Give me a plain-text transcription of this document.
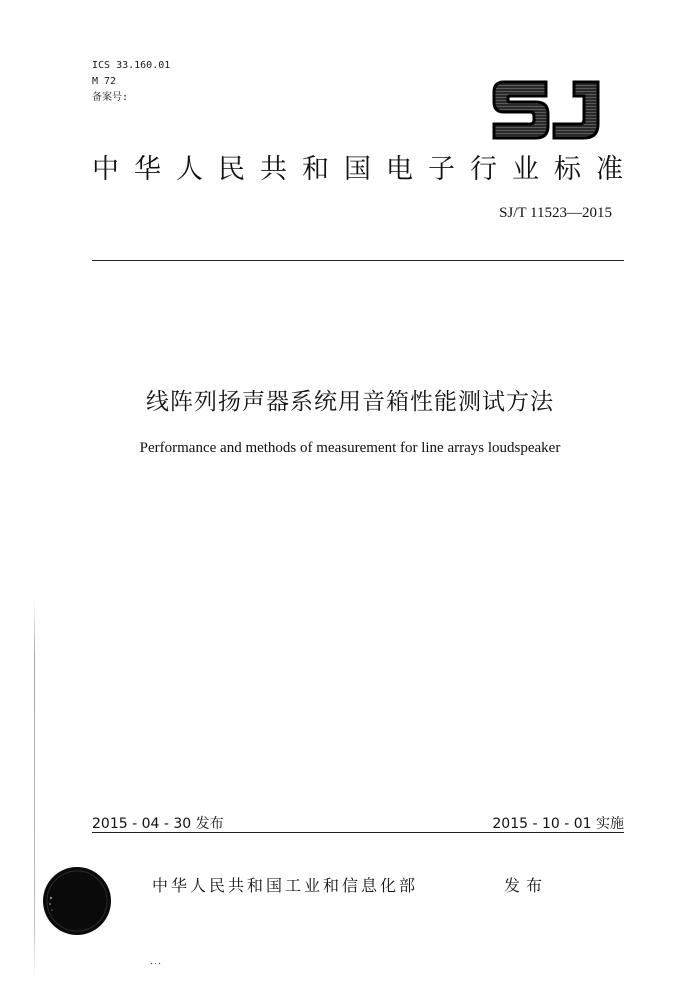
ICS 33.160.01
M 72
备案号:
中华人民共和国电子行业标准
SJ/T 11523—2015
线阵列扬声器系统用音箱性能测试方法
Performance and methods of measurement for line arrays loudspeaker
2015 - 04 - 30 发布	2015 - 10 - 01 实施
中华人民共和国工业和信息化部	发布
